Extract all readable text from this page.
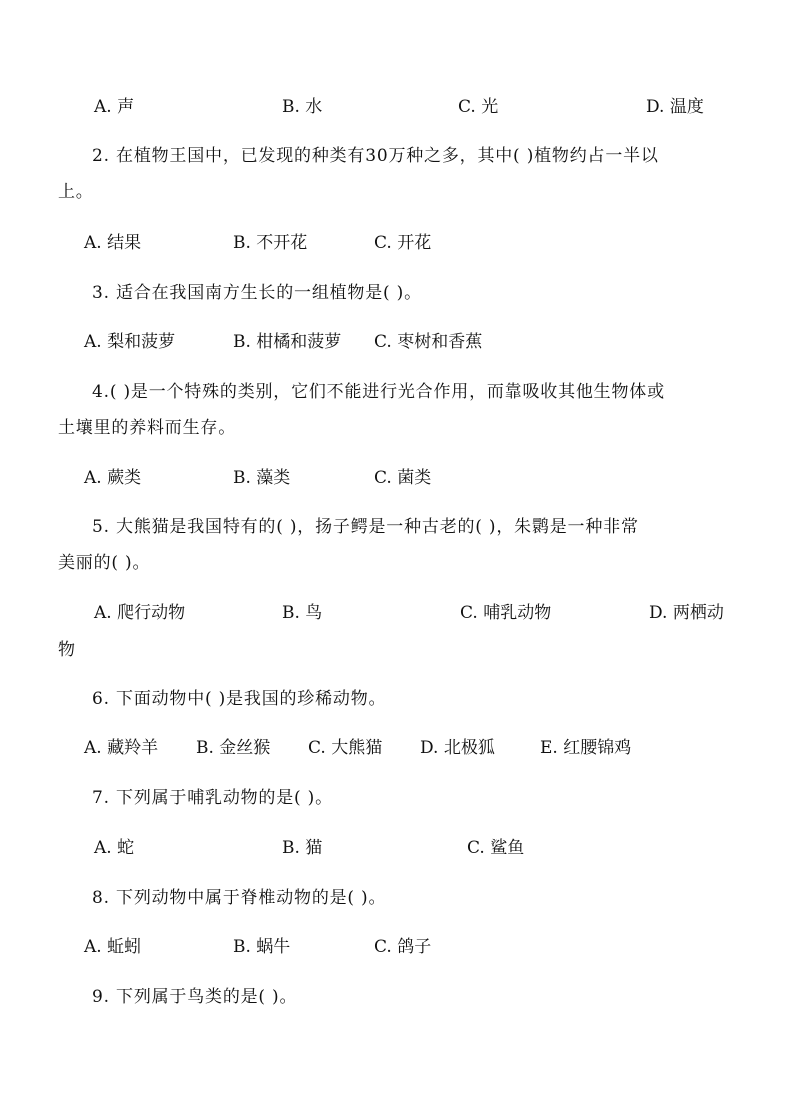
A. 声	B. 水	C. 光	D. 温度
2. 在植物王国中，已发现的种类有30万种之多，其中( )植物约占一半以
上。
A. 结果	B. 不开花	C. 开花
3. 适合在我国南方生长的一组植物是( )。
A. 梨和菠萝	B. 柑橘和菠萝 C. 枣树和香蕉
4.( )是一个特殊的类别，它们不能进行光合作用，而靠吸收其他生物体或
土壤里的养料而生存。
A. 蕨类	B. 藻类	C. 菌类
5. 大熊猫是我国特有的( )，扬子鳄是一种古老的( )，朱鹮是一种非常
美丽的( )。
A. 爬行动物	B. 鸟	C. 哺乳动物	D. 两栖动
物
6. 下面动物中( )是我国的珍稀动物。
A. 藏羚羊 B. 金丝猴 C. 大熊猫 D. 北极狐	E. 红腰锦鸡
7. 下列属于哺乳动物的是( )。
A. 蛇	B. 猫	C. 鲨鱼
8. 下列动物中属于脊椎动物的是( )。
A. 蚯蚓	B. 蜗牛	C. 鸽子
9. 下列属于鸟类的是( )。
